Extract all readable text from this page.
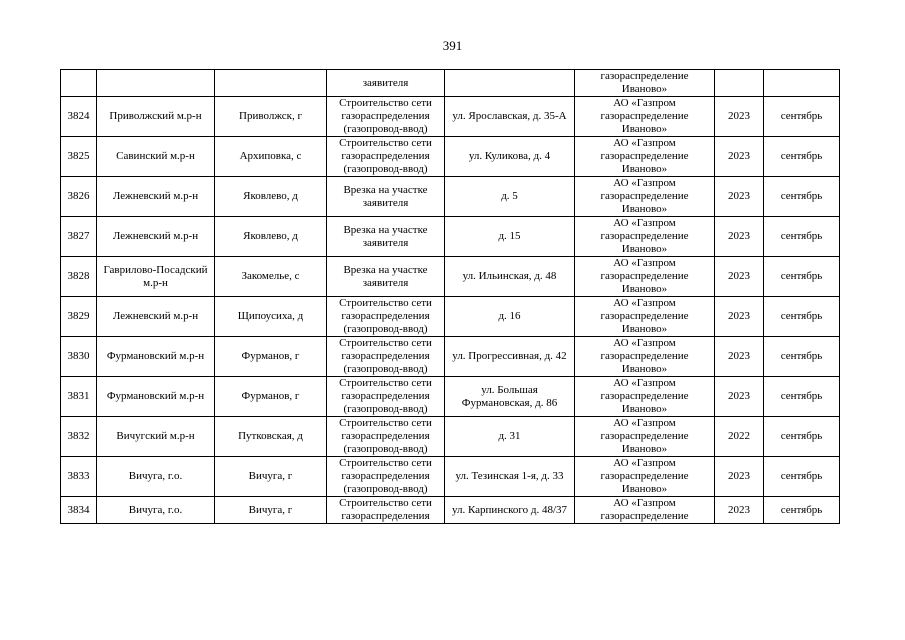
391
			заявителя		газораспределение Иваново»		
3824	Приволжский м.р-н	Приволжск, г	Строительство сети газораспределения (газопровод-ввод)	ул. Ярославская, д. 35-А	АО «Газпром газораспределение Иваново»	2023	сентябрь
3825	Савинский м.р-н	Архиповка, с	Строительство сети газораспределения (газопровод-ввод)	ул. Куликова, д. 4	АО «Газпром газораспределение Иваново»	2023	сентябрь
3826	Лежневский м.р-н	Яковлево, д	Врезка на участке заявителя	д. 5	АО «Газпром газораспределение Иваново»	2023	сентябрь
3827	Лежневский м.р-н	Яковлево, д	Врезка на участке заявителя	д. 15	АО «Газпром газораспределение Иваново»	2023	сентябрь
3828	Гаврилово-Посадский м.р-н	Закомелье, с	Врезка на участке заявителя	ул. Ильинская, д. 48	АО «Газпром газораспределение Иваново»	2023	сентябрь
3829	Лежневский м.р-н	Щипоусиха, д	Строительство сети газораспределения (газопровод-ввод)	д. 16	АО «Газпром газораспределение Иваново»	2023	сентябрь
3830	Фурмановский м.р-н	Фурманов, г	Строительство сети газораспределения (газопровод-ввод)	ул. Прогрессивная, д. 42	АО «Газпром газораспределение Иваново»	2023	сентябрь
3831	Фурмановский м.р-н	Фурманов, г	Строительство сети газораспределения (газопровод-ввод)	ул. Большая Фурмановская, д. 86	АО «Газпром газораспределение Иваново»	2023	сентябрь
3832	Вичугский м.р-н	Путковская, д	Строительство сети газораспределения (газопровод-ввод)	д. 31	АО «Газпром газораспределение Иваново»	2022	сентябрь
3833	Вичуга, г.о.	Вичуга, г	Строительство сети газораспределения (газопровод-ввод)	ул. Тезинская 1-я, д. 33	АО «Газпром газораспределение Иваново»	2023	сентябрь
3834	Вичуга, г.о.	Вичуга, г	Строительство сети газораспределения	ул. Карпинского д. 48/37	АО «Газпром газораспределение	2023	сентябрь
